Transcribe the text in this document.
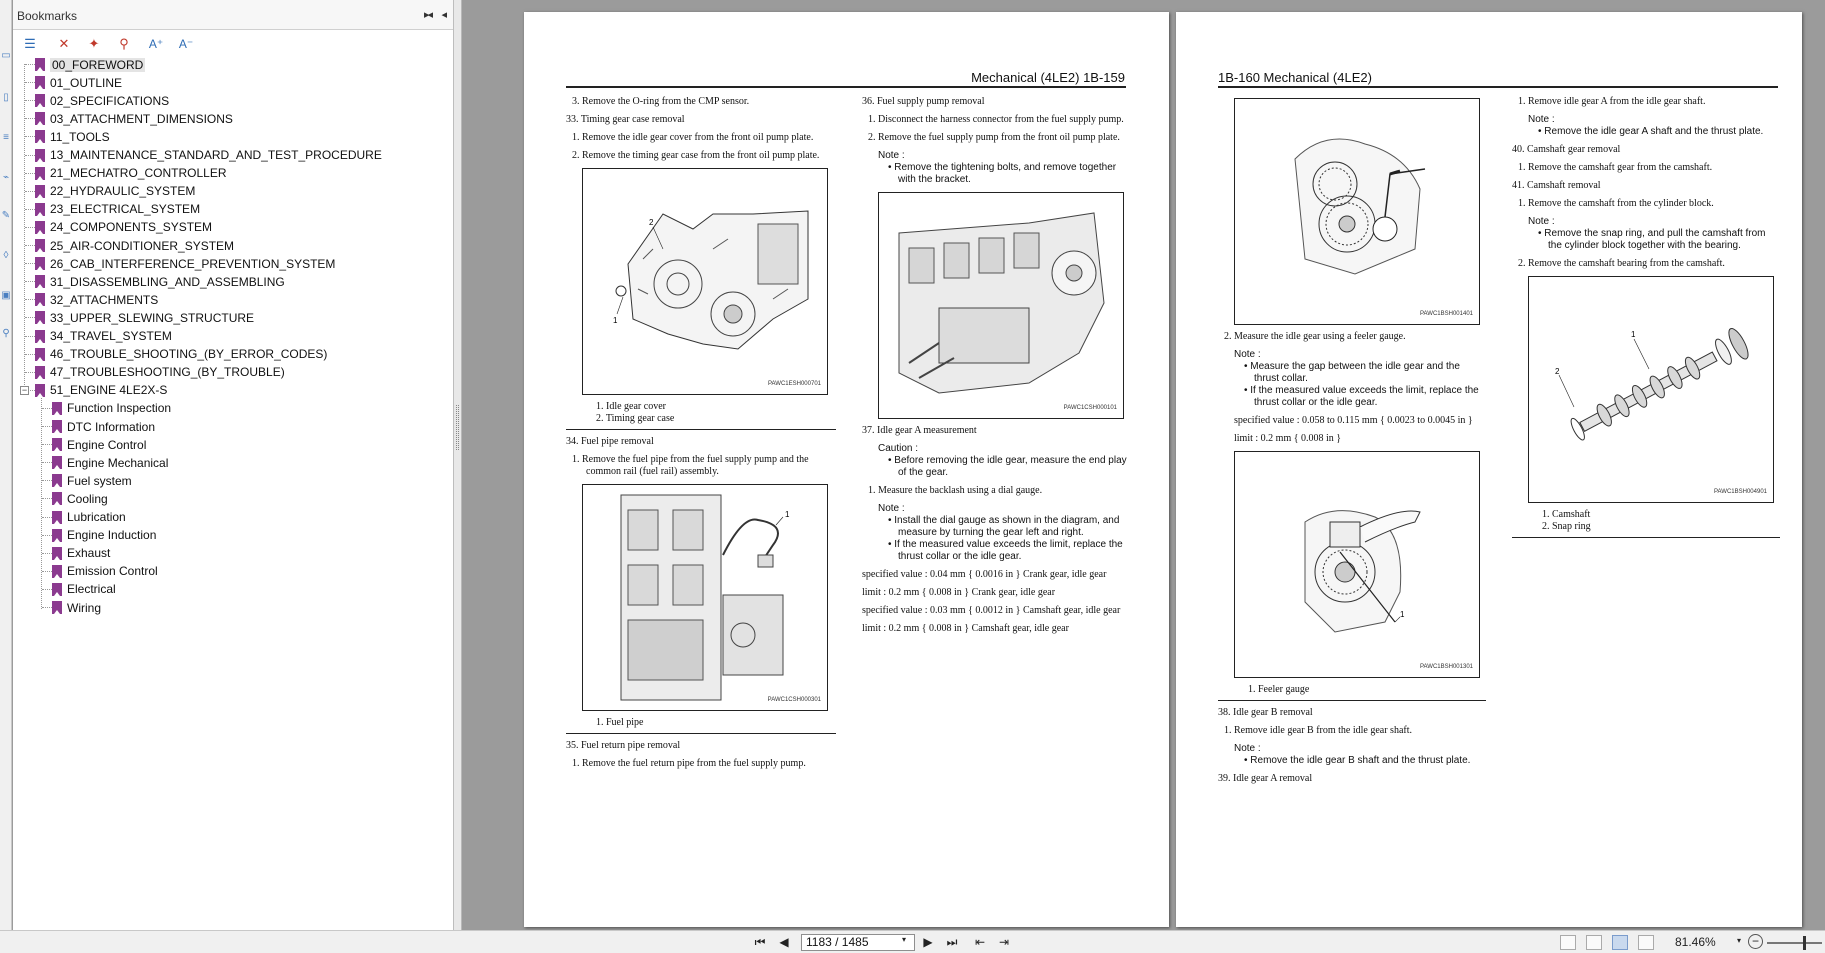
▭
▯
≡
⌁
✎
◊
▣
⚲
Bookmarks	▸◂ ◂
☰ ✕ ✦	⚲	A⁺ A⁻
00_FOREWORD
01_OUTLINE
02_SPECIFICATIONS
03_ATTACHMENT_DIMENSIONS
11_TOOLS
13_MAINTENANCE_STANDARD_AND_TEST_PROCEDURE
21_MECHATRO_CONTROLLER
22_HYDRAULIC_SYSTEM
23_ELECTRICAL_SYSTEM
24_COMPONENTS_SYSTEM
25_AIR-CONDITIONER_SYSTEM
26_CAB_INTERFERENCE_PREVENTION_SYSTEM
31_DISASSEMBLING_AND_ASSEMBLING
32_ATTACHMENTS
33_UPPER_SLEWING_STRUCTURE
34_TRAVEL_SYSTEM
46_TROUBLE_SHOOTING_(BY_ERROR_CODES)
47_TROUBLESHOOTING_(BY_TROUBLE)
51_ENGINE 4LE2X-S
−
Function Inspection
DTC Information
Engine Control
Engine Mechanical
Fuel system
Cooling
Lubrication
Engine Induction
Exhaust
Emission Control
Electrical
Wiring
Mechanical (4LE2) 1B-159
3. Remove the O-ring from the CMP sensor.
33. Timing gear case removal
1. Remove the idle gear cover from the front oil pump plate.
2. Remove the timing gear case from the front oil pump plate.
2
1
PAWC1ESH000701
1. Idle gear cover
2. Timing gear case
34. Fuel pipe removal
1. Remove the fuel pipe from the fuel supply pump and the common rail (fuel rail) assembly.
1
PAWC1CSH000301
1. Fuel pipe
35. Fuel return pipe removal
1. Remove the fuel return pipe from the fuel supply pump.
36. Fuel supply pump removal
1. Disconnect the harness connector from the fuel supply pump.
2. Remove the fuel supply pump from the front oil pump plate.
Note :
• Remove the tightening bolts, and remove together with the bracket.
PAWC1CSH000101
37. Idle gear A measurement
Caution :
• Before removing the idle gear, measure the end play of the gear.
1. Measure the backlash using a dial gauge.
Note :
• Install the dial gauge as shown in the diagram, and measure by turning the gear left and right.
• If the measured value exceeds the limit, replace the thrust collar or the idle gear.
specified value : 0.04 mm { 0.0016 in } Crank gear, idle gear
limit : 0.2 mm { 0.008 in } Crank gear, idle gear
specified value : 0.03 mm { 0.0012 in } Camshaft gear, idle gear
limit : 0.2 mm { 0.008 in } Camshaft gear, idle gear
1B-160 Mechanical (4LE2)
PAWC1BSH001401
2. Measure the idle gear using a feeler gauge.
Note :
• Measure the gap between the idle gear and the thrust collar.
• If the measured value exceeds the limit, replace the thrust collar or the idle gear.
specified value : 0.058 to 0.115 mm { 0.0023 to 0.0045 in }
limit : 0.2 mm { 0.008 in }
1
PAWC1BSH001301
1. Feeler gauge
38. Idle gear B removal
1. Remove idle gear B from the idle gear shaft.
Note :
• Remove the idle gear B shaft and the thrust plate.
39. Idle gear A removal
1. Remove idle gear A from the idle gear shaft.
Note :
• Remove the idle gear A shaft and the thrust plate.
40. Camshaft gear removal
1. Remove the camshaft gear from the camshaft.
41. Camshaft removal
1. Remove the camshaft from the cylinder block.
Note :
• Remove the snap ring, and pull the camshaft from the cylinder block together with the bearing.
2. Remove the camshaft bearing from the camshaft.
1
2
PAWC1BSH004901
1. Camshaft
2. Snap ring
⏮ ◀	1183 / 1485	▾ ▶ ⏭ ⇤ ⇥	81.46%	▾ −
